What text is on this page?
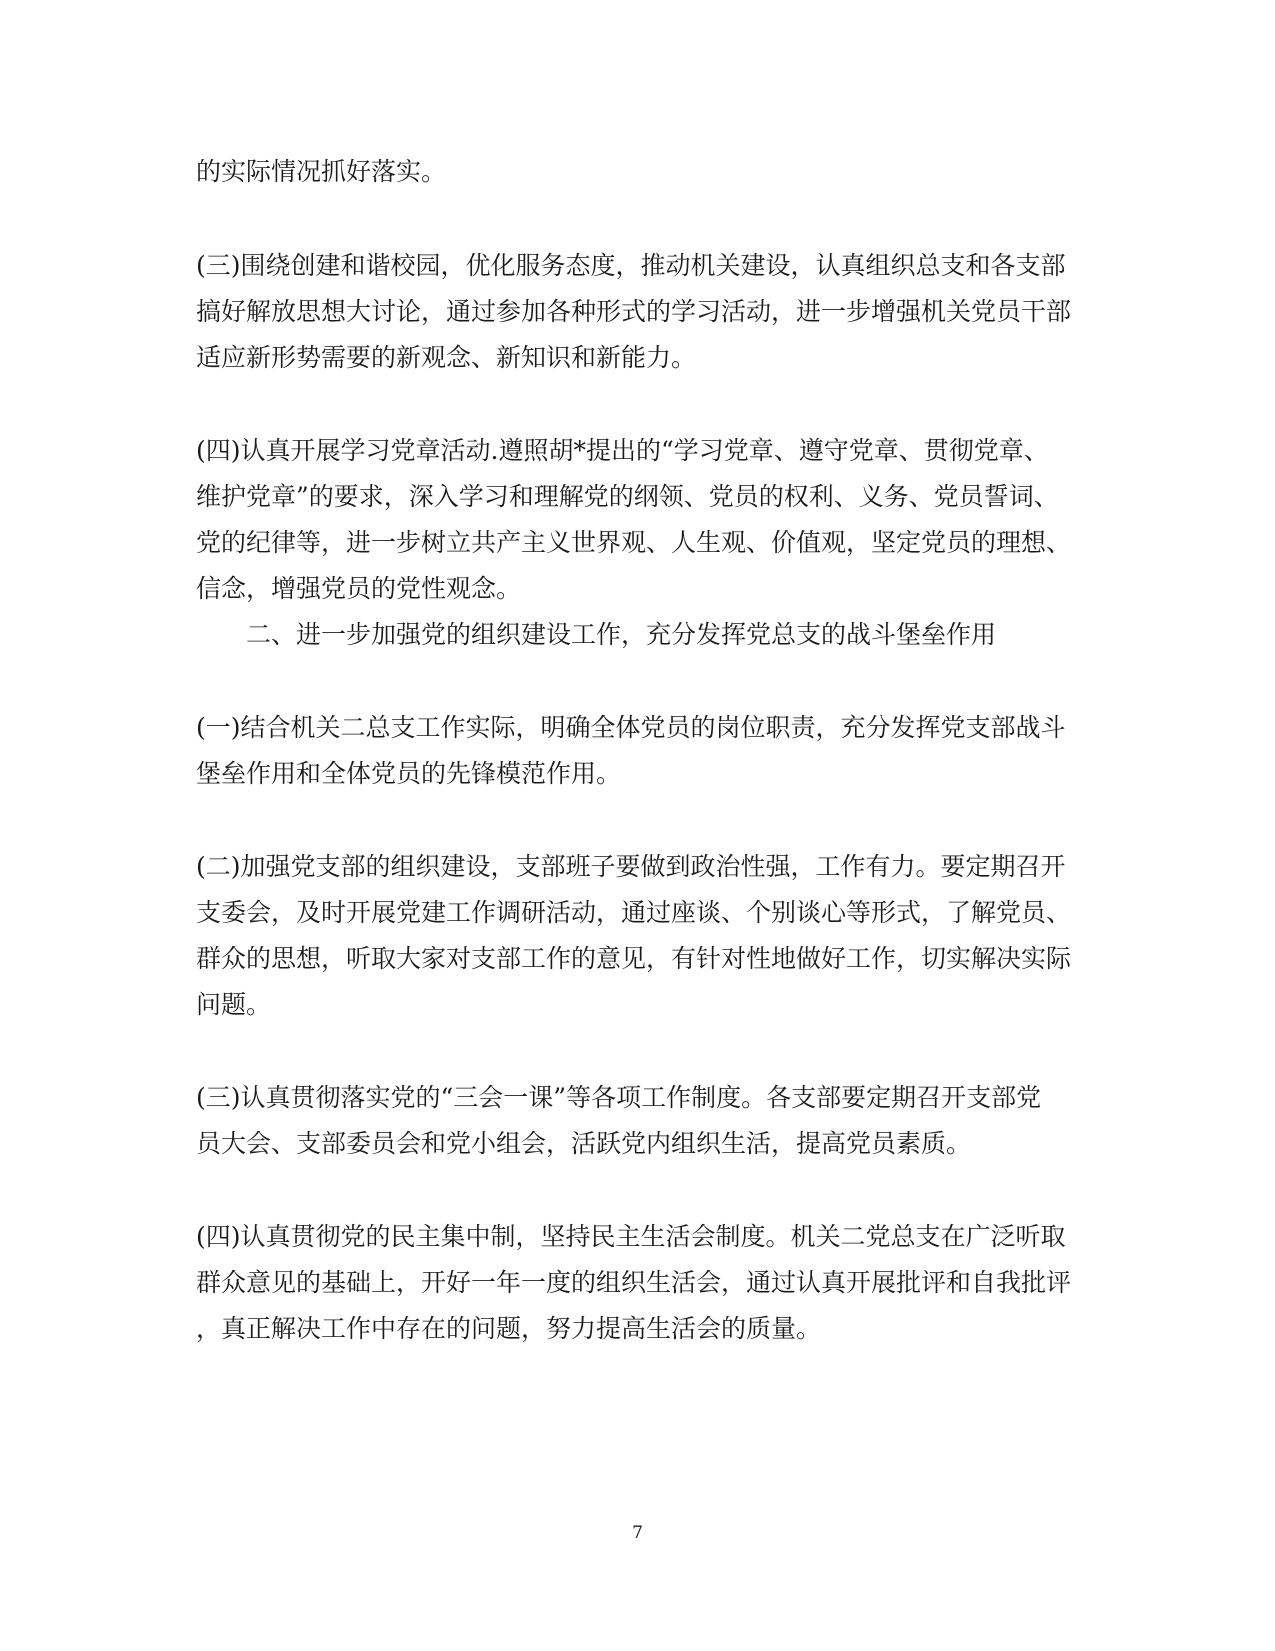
的实际情况抓好落实。
(三)围绕创建和谐校园，优化服务态度，推动机关建设，认真组织总支和各支部
搞好解放思想大讨论，通过参加各种形式的学习活动，进一步增强机关党员干部
适应新形势需要的新观念、新知识和新能力。
(四)认真开展学习党章活动.遵照胡*提出的“学习党章、遵守党章、贯彻党章、
维护党章”的要求，深入学习和理解党的纲领、党员的权利、义务、党员誓词、
党的纪律等，进一步树立共产主义世界观、人生观、价值观，坚定党员的理想、
信念，增强党员的党性观念。
二、进一步加强党的组织建设工作，充分发挥党总支的战斗堡垒作用
(一)结合机关二总支工作实际，明确全体党员的岗位职责，充分发挥党支部战斗
堡垒作用和全体党员的先锋模范作用。
(二)加强党支部的组织建设，支部班子要做到政治性强，工作有力。要定期召开
支委会，及时开展党建工作调研活动，通过座谈、个别谈心等形式，了解党员、
群众的思想，听取大家对支部工作的意见，有针对性地做好工作，切实解决实际
问题。
(三)认真贯彻落实党的“三会一课”等各项工作制度。各支部要定期召开支部党
员大会、支部委员会和党小组会，活跃党内组织生活，提高党员素质。
(四)认真贯彻党的民主集中制，坚持民主生活会制度。机关二党总支在广泛听取
群众意见的基础上，开好一年一度的组织生活会，通过认真开展批评和自我批评
，真正解决工作中存在的问题，努力提高生活会的质量。
7
